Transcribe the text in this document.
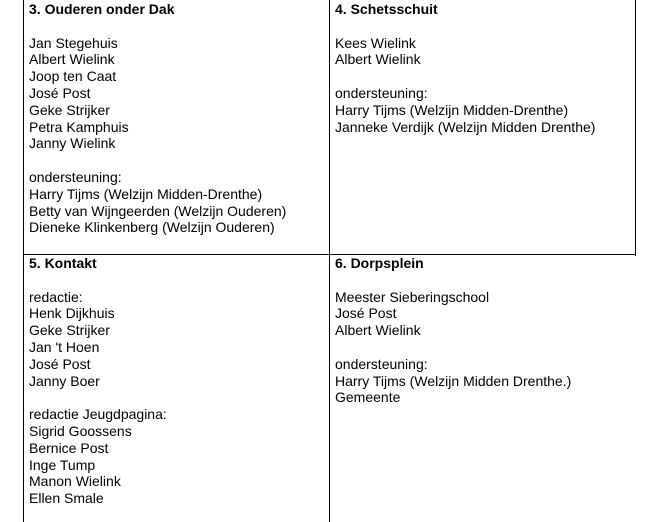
3. Ouderen onder Dak
Jan Stegehuis
Albert Wielink
Joop ten Caat
José Post
Geke Strijker
Petra Kamphuis
Janny Wielink
ondersteuning:
Harry Tijms (Welzijn Midden-Drenthe)
Betty van Wijngeerden (Welzijn Ouderen)
Dieneke Klinkenberg (Welzijn Ouderen)
4. Schetsschuit
Kees Wielink
Albert Wielink
ondersteuning:
Harry Tijms (Welzijn Midden-Drenthe)
Janneke Verdijk (Welzijn Midden Drenthe)
5. Kontakt
redactie:
Henk Dijkhuis
Geke Strijker
Jan 't Hoen
José Post
Janny Boer
redactie Jeugdpagina:
Sigrid Goossens
Bernice Post
Inge Tump
Manon Wielink
Ellen Smale
6. Dorpsplein
Meester Sieberingschool
José Post
Albert Wielink
ondersteuning:
Harry Tijms (Welzijn Midden Drenthe.)
Gemeente
